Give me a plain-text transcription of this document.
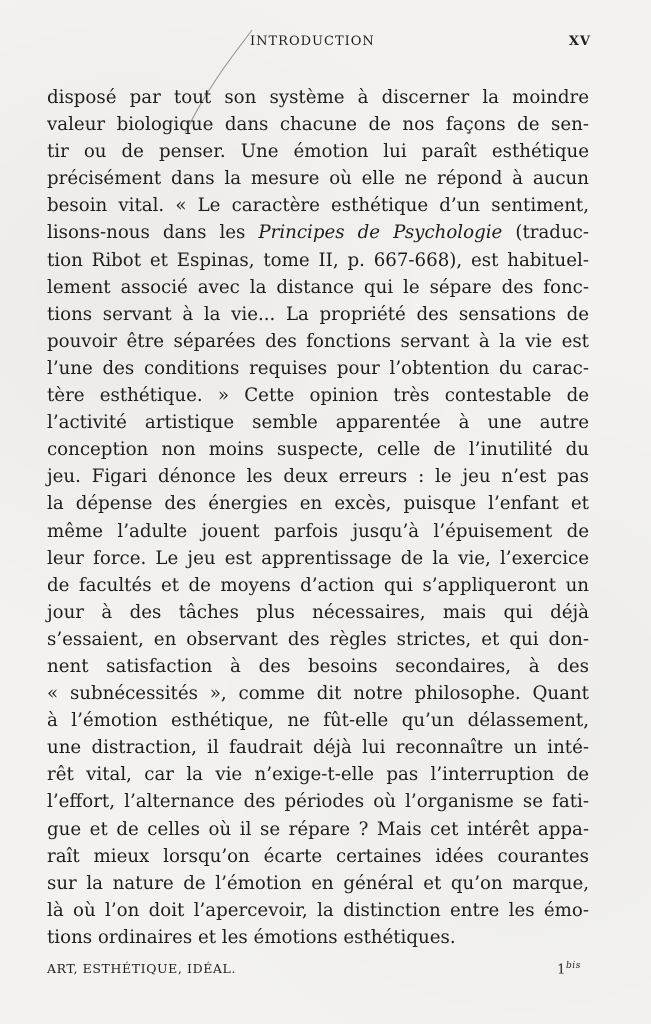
INTRODUCTION	XV
disposé par tout son système à discerner la moindre
valeur biologique dans chacune de nos façons de sen-
tir ou de penser. Une émotion lui paraît esthétique
précisément dans la mesure où elle ne répond à aucun
besoin vital. « Le caractère esthétique d’un sentiment,
lisons-nous dans les Principes de Psychologie (traduc-
tion Ribot et Espinas, tome II, p. 667-668), est habituel-
lement associé avec la distance qui le sépare des fonc-
tions servant à la vie... La propriété des sensations de
pouvoir être séparées des fonctions servant à la vie est
l’une des conditions requises pour l’obtention du carac-
tère esthétique. » Cette opinion très contestable de
l’activité artistique semble apparentée à une autre
conception non moins suspecte, celle de l’inutilité du
jeu. Figari dénonce les deux erreurs : le jeu n’est pas
la dépense des énergies en excès, puisque l’enfant et
même l’adulte jouent parfois jusqu’à l’épuisement de
leur force. Le jeu est apprentissage de la vie, l’exercice
de facultés et de moyens d’action qui s’appliqueront un
jour à des tâches plus nécessaires, mais qui déjà
s’essaient, en observant des règles strictes, et qui don-
nent satisfaction à des besoins secondaires, à des
« subnécessités », comme dit notre philosophe. Quant
à l’émotion esthétique, ne fût-elle qu’un délassement,
une distraction, il faudrait déjà lui reconnaître un inté-
rêt vital, car la vie n’exige-t-elle pas l’interruption de
l’effort, l’alternance des périodes où l’organisme se fati-
gue et de celles où il se répare ? Mais cet intérêt appa-
raît mieux lorsqu’on écarte certaines idées courantes
sur la nature de l’émotion en général et qu’on marque,
là où l’on doit l’apercevoir, la distinction entre les émo-
tions ordinaires et les émotions esthétiques.
ART, ESTHÉTIQUE, IDÉAL.	$1^{bis}$
